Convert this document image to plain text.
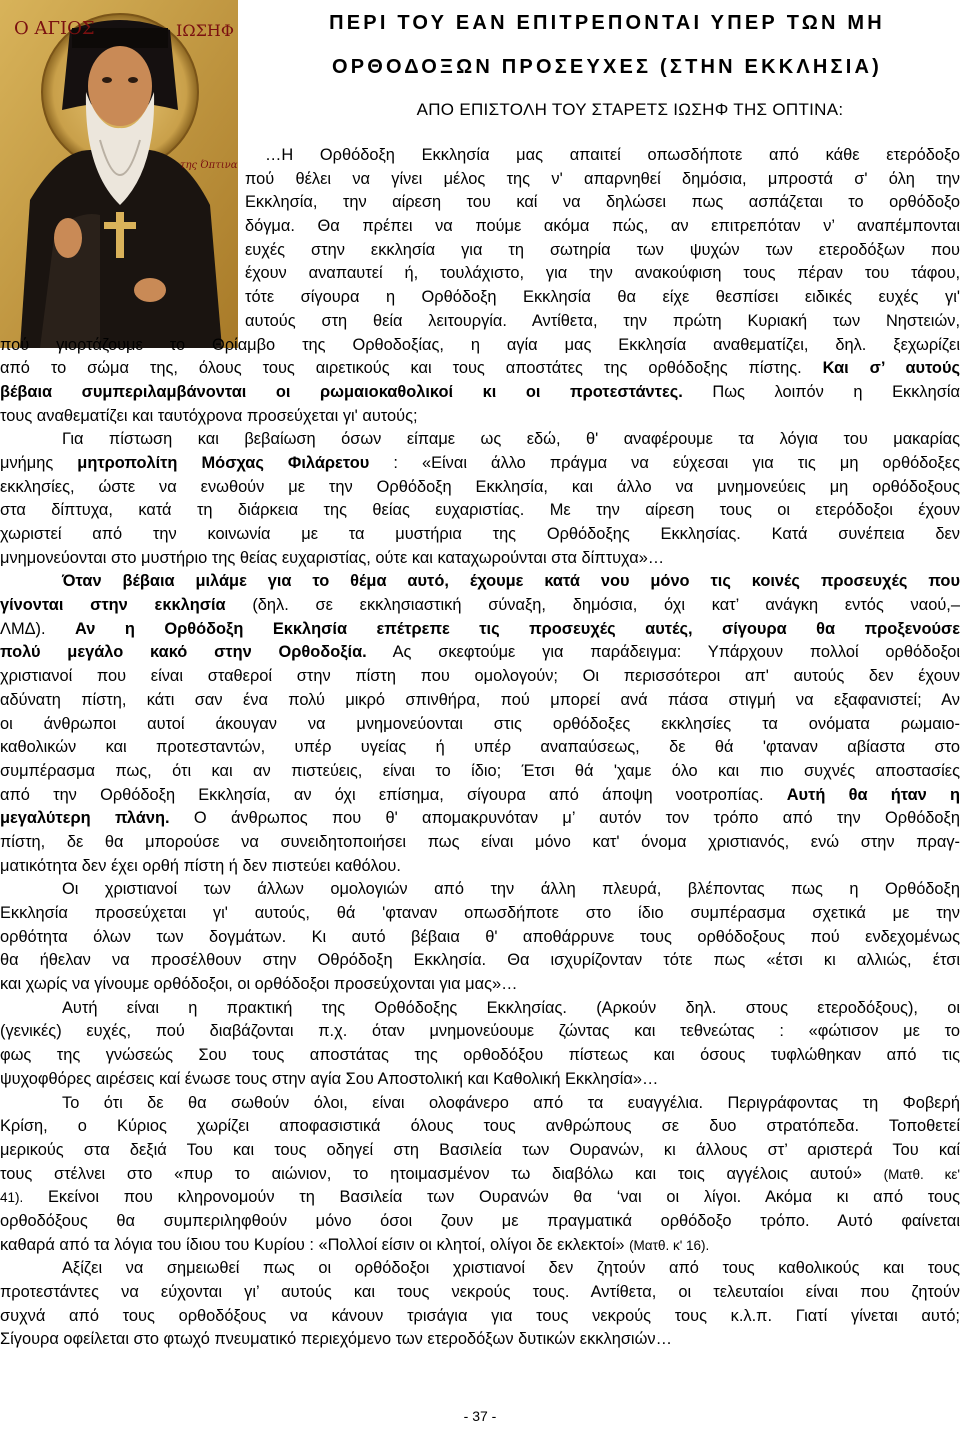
Ο ΑΓΙΟΣ	ΙΩΣΗΦ
της Όπτινα
ΠΕΡΙ ΤΟΥ ΕΑΝ ΕΠΙΤΡΕΠΟΝΤΑΙ ΥΠΕΡ ΤΩΝ ΜΗ
ΟΡΘΟΔΟΞΩΝ ΠΡΟΣΕΥΧΕΣ (ΣΤΗΝ ΕΚΚΛΗΣΙΑ)
ΑΠΟ ΕΠΙΣΤΟΛΗ ΤΟΥ ΣΤΑΡΕΤΣ ΙΩΣΗΦ ΤΗΣ ΟΠΤΙΝΑ:
…Η Ορθόδοξη Εκκλησία μας απαιτεί οπωσδήποτε από κάθε ετερόδοξο
πού θέλει να γίνει μέλος της ν' απαρνηθεί δημόσια, μπροστά σ' όλη την
Εκκλησία, την αίρεση του καί να δηλώσει πως ασπάζεται το ορθόδοξο
δόγμα. Θα πρέπει να πούμε ακόμα πώς, αν επιτρεπόταν ν’ αναπέμπονται
ευχές στην εκκλησία για τη σωτηρία των ψυχών των ετεροδόξων που
έχουν αναπαυτεί ή, τουλάχιστο, για την ανακούφιση τους πέραν του τάφου,
τότε σίγουρα η Ορθόδοξη Εκκλησία θα είχε θεσπίσει ειδικές ευχές γι'
αυτούς στη θεία λειτουργία. Αντίθετα, την πρώτη Κυριακή των Νηστειών,
πού γιορτάζουμε το Θρίαμβο της Ορθοδοξίας, η αγία μας Εκκλησία αναθεματίζει, δηλ. ξεχωρίζει
από το σώμα της, όλους τους αιρετικούς και τους αποστάτες της ορθόδοξης πίστης. Και σ’ αυτούς
βέβαια συμπεριλαμβάνονται οι ρωμαιοκαθολικοί κι οι προτεστάντες. Πως λοιπόν η Εκκλησία
τους αναθεματίζει και ταυτόχρονα προσεύχεται γι' αυτούς;
Για πίστωση και βεβαίωση όσων είπαμε ως εδώ, θ' αναφέρουμε τα λόγια του μακαρίας
μνήμης μητροπολίτη Μόσχας Φιλάρετου : «Είναι άλλο πράγμα να εύχεσαι για τις μη ορθόδοξες
εκκλησίες, ώστε να ενωθούν με την Ορθόδοξη Εκκλησία, και άλλο να μνημονεύεις μη ορθόδοξους
στα δίπτυχα, κατά τη διάρκεια της θείας ευχαριστίας. Με την αίρεση τους οι ετερόδοξοι έχουν
χωριστεί από την κοινωνία με τα μυστήρια της Ορθόδοξης Εκκλησίας. Κατά συνέπεια δεν
μνημονεύονται στο μυστήριο της θείας ευχαριστίας, ούτε και καταχωρούνται στα δίπτυχα»…
Όταν βέβαια μιλάμε για το θέμα αυτό, έχουμε κατά νου μόνο τις κοινές προσευχές που
γίνονται στην εκκλησία (δηλ. σε εκκλησιαστική σύναξη, δημόσια, όχι κατ’ ανάγκη εντός ναού,–
ΛΜΔ). Αν η Ορθόδοξη Εκκλησία επέτρεπε τις προσευχές αυτές, σίγουρα θα προξενούσε
πολύ μεγάλο κακό στην Ορθοδοξία. Ας σκεφτούμε για παράδειγμα: Υπάρχουν πολλοί ορθόδοξοι
χριστιανοί που είναι σταθεροί στην πίστη που ομολογούν; Οι περισσότεροι απ' αυτούς δεν έχουν
αδύνατη πίστη, κάτι σαν ένα πολύ μικρό σπινθήρα, πού μπορεί ανά πάσα στιγμή να εξαφανιστεί; Αν
οι άνθρωποι αυτοί άκουγαν να μνημονεύονται στις ορθόδοξες εκκλησίες τα ονόματα ρωμαιο-
καθολικών και προτεσταντών, υπέρ υγείας ή υπέρ αναπαύσεως, δε θά 'φταναν αβίαστα στο
συμπέρασμα πως, ότι και αν πιστεύεις, είναι το ίδιο; Έτσι θά 'χαμε όλο και πιο συχνές αποστασίες
από την Ορθόδοξη Εκκλησία, αν όχι επίσημα, σίγουρα από άποψη νοοτροπίας. Αυτή θα ήταν η
μεγαλύτερη πλάνη. Ο άνθρωπος που θ' απομακρυνόταν μ’ αυτόν τον τρόπο από την Ορθόδοξη
πίστη, δε θα μπορούσε να συνειδητοποιήσει πως είναι μόνο κατ' όνομα χριστιανός, ενώ στην πραγ-
ματικότητα δεν έχει ορθή πίστη ή δεν πιστεύει καθόλου.
Οι χριστιανοί των άλλων ομολογιών από την άλλη πλευρά, βλέποντας πως η Ορθόδοξη
Εκκλησία προσεύχεται γι' αυτούς, θά 'φταναν οπωσδήποτε στο ίδιο συμπέρασμα σχετικά με την
ορθότητα όλων των δογμάτων. Κι αυτό βέβαια θ' αποθάρρυνε τους ορθόδοξους πού ενδεχομένως
θα ήθελαν να προσέλθουν στην Οθρόδοξη Εκκλησία. Θα ισχυρίζονταν τότε πως «έτσι κι αλλιώς, έτσι
και χωρίς να γίνουμε ορθόδοξοι, οι ορθόδοξοι προσεύχονται για μας»…
Αυτή είναι η πρακτική της Ορθόδοξης Εκκλησίας. (Αρκούν δηλ. στους ετεροδόξους), οι
(γενικές) ευχές, πού διαβάζονται π.χ. όταν μνημονεύουμε ζώντας και τεθνεώτας : «φώτισον με το
φως της γνώσεώς Σου τους αποστάτας της ορθοδόξου πίστεως και όσους τυφλώθηκαν από τις
ψυχοφθόρες αιρέσεις καί ένωσε τους στην αγία Σου Αποστολική και Καθολική Εκκλησία»…
Το ότι δε θα σωθούν όλοι, είναι ολοφάνερο από τα ευαγγέλια. Περιγράφοντας τη Φοβερή
Κρίση, ο Κύριος χωρίζει αποφασιστικά όλους τους ανθρώπους σε δυο στρατόπεδα. Τοποθετεί
μερικούς στα δεξιά Του και τους οδηγεί στη Βασιλεία των Ουρανών, κι άλλους στ’ αριστερά Του καί
τους στέλνει στο «πυρ το αιώνιον, το ητοιμασμένον τω διαβόλω και τοις αγγέλοις αυτού» (Ματθ. κε'
41). Εκείνοι που κληρονομούν τη Βασιλεία των Ουρανών θα ‘ναι οι λίγοι. Ακόμα κι από τους
ορθοδόξους θα συμπεριληφθούν μόνο όσοι ζουν με πραγματικά ορθόδοξο τρόπο. Αυτό φαίνεται
καθαρά από τα λόγια του ίδιου του Κυρίου : «Πολλοί είσιν οι κλητοί, ολίγοι δε εκλεκτοί» (Ματθ. κ' 16).
Αξίζει να σημειωθεί πως οι ορθόδοξοι χριστιανοί δεν ζητούν από τους καθολικούς και τους
προτεστάντες να εύχονται γι’ αυτούς και τους νεκρούς τους. Αντίθετα, οι τελευταίοι είναι που ζητούν
συχνά από τους ορθοδόξους να κάνουν τρισάγια για τους νεκρούς τους κ.λ.π. Γιατί γίνεται αυτό;
Σίγουρα οφείλεται στο φτωχό πνευματικό περιεχόμενο των ετεροδόξων δυτικών εκκλησιών…
- 37 -
